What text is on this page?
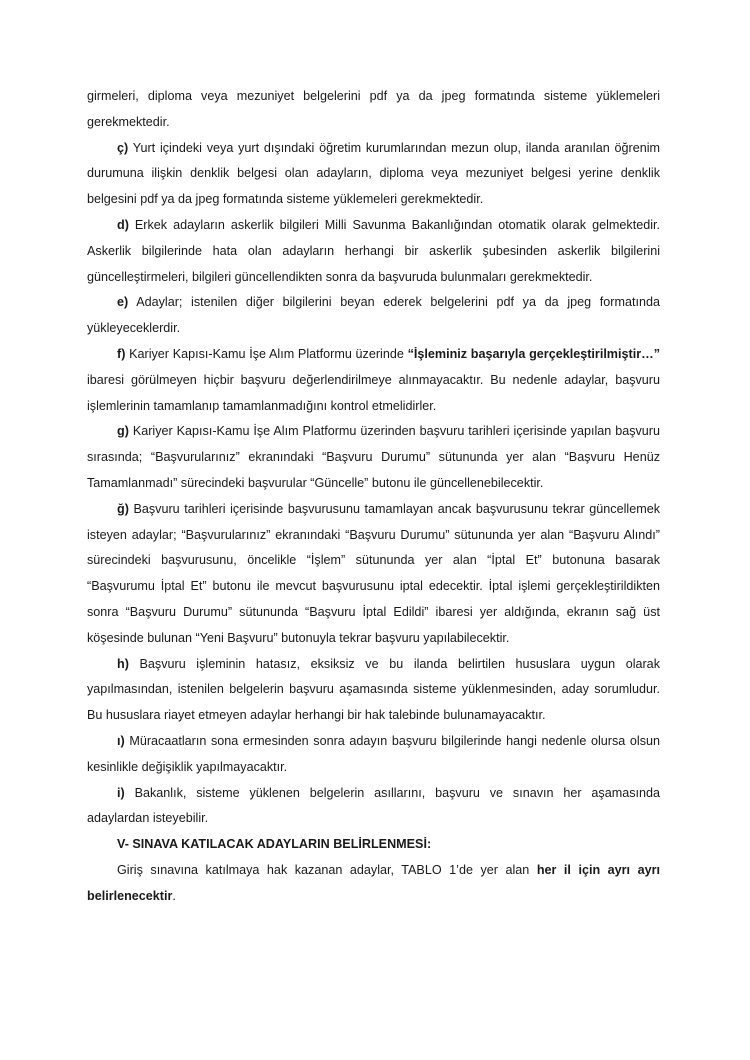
girmeleri, diploma veya mezuniyet belgelerini pdf ya da jpeg formatında sisteme yüklemeleri gerekmektedir.

ç) Yurt içindeki veya yurt dışındaki öğretim kurumlarından mezun olup, ilanda aranılan öğrenim durumuna ilişkin denklik belgesi olan adayların, diploma veya mezuniyet belgesi yerine denklik belgesini pdf ya da jpeg formatında sisteme yüklemeleri gerekmektedir.

d) Erkek adayların askerlik bilgileri Milli Savunma Bakanlığından otomatik olarak gelmektedir. Askerlik bilgilerinde hata olan adayların herhangi bir askerlik şubesinden askerlik bilgilerini güncelleştirmeleri, bilgileri güncellendikten sonra da başvuruda bulunmaları gerekmektedir.

e) Adaylar; istenilen diğer bilgilerini beyan ederek belgelerini pdf ya da jpeg formatında yükleyeceklerdir.

f) Kariyer Kapısı-Kamu İşe Alım Platformu üzerinde “İşleminiz başarıyla gerçekleştirilmiştir…” ibaresi görülmeyen hiçbir başvuru değerlendirilmeye alınmayacaktır. Bu nedenle adaylar, başvuru işlemlerinin tamamlanıp tamamlanmadığını kontrol etmelidirler.

g) Kariyer Kapısı-Kamu İşe Alım Platformu üzerinden başvuru tarihleri içerisinde yapılan başvuru sırasında; “Başvurularınız” ekranındaki “Başvuru Durumu” sütununda yer alan “Başvuru Henüz Tamamlanmadı” sürecindeki başvurular “Güncelle” butonu ile güncellenebilecektir.

ğ) Başvuru tarihleri içerisinde başvurusunu tamamlayan ancak başvurusunu tekrar güncellemek isteyen adaylar; “Başvurularınız” ekranındaki “Başvuru Durumu” sütununda yer alan “Başvuru Alındı” sürecindeki başvurusunu, öncelikle “İşlem” sütununda yer alan “İptal Et” butonuna basarak “Başvurumu İptal Et” butonu ile mevcut başvurusunu iptal edecektir. İptal işlemi gerçekleştirildikten sonra “Başvuru Durumu” sütununda “Başvuru İptal Edildi” ibaresi yer aldığında, ekranın sağ üst köşesinde bulunan “Yeni Başvuru” butonuyla tekrar başvuru yapılabilecektir.

h) Başvuru işleminin hatasız, eksiksiz ve bu ilanda belirtilen hususlara uygun olarak yapılmasından, istenilen belgelerin başvuru aşamasında sisteme yüklenmesinden, aday sorumludur. Bu hususlara riayet etmeyen adaylar herhangi bir hak talebinde bulunamayacaktır.

ı) Müracaatların sona ermesinden sonra adayın başvuru bilgilerinde hangi nedenle olursa olsun kesinlikle değişiklik yapılmayacaktır.

i) Bakanlık, sisteme yüklenen belgelerin asıllarını, başvuru ve sınavın her aşamasında adaylardan isteyebilir.

V- SINAVA KATILACAK ADAYLARIN BELİRLENMESİ:

Giriş sınavına katılmaya hak kazanan adaylar, TABLO 1’de yer alan her il için ayrı ayrı belirlenecektir.
